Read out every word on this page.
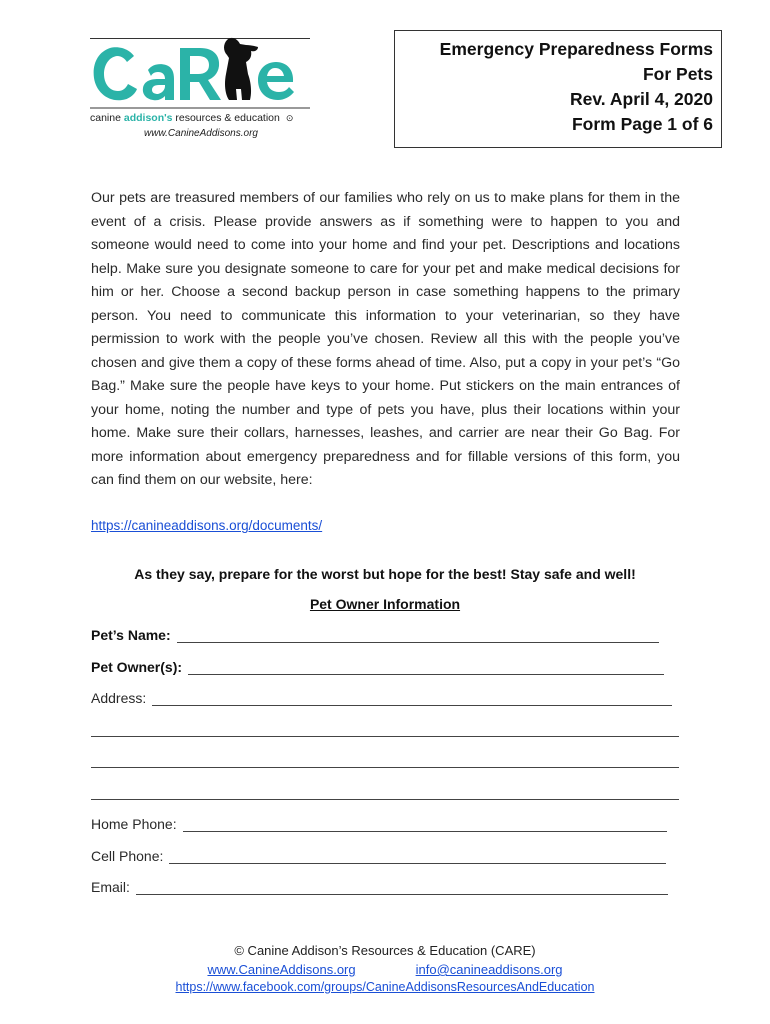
canine addison's resources & education ⊙
www.CanineAddisons.org
Emergency Preparedness Forms
For Pets
Rev. April 4, 2020
Form Page 1 of 6

Our pets are treasured members of our families who rely on us to make plans for them in the event of a crisis. Please provide answers as if something were to happen to you and someone would need to come into your home and find your pet. Descriptions and locations help. Make sure you designate someone to care for your pet and make medical decisions for him or her. Choose a second backup person in case something happens to the primary person. You need to communicate this information to your veterinarian, so they have permission to work with the people you’ve chosen. Review all this with the people you’ve chosen and give them a copy of these forms ahead of time. Also, put a copy in your pet’s “Go Bag.” Make sure the people have keys to your home. Put stickers on the main entrances of your home, noting the number and type of pets you have, plus their locations within your home. Make sure their collars, harnesses, leashes, and carrier are near their Go Bag. For more information about emergency preparedness and for fillable versions of this form, you can find them on our website, here:

https://canineaddisons.org/documents/
As they say, prepare for the worst but hope for the best! Stay safe and well!
Pet Owner Information
Pet’s Name:
Pet Owner(s):
Address:
Home Phone:
Cell Phone:
Email:
© Canine Addison’s Resources & Education (CARE)
www.CanineAddisons.org	info@canineaddisons.org
https://www.facebook.com/groups/CanineAddisonsResourcesAndEducation
